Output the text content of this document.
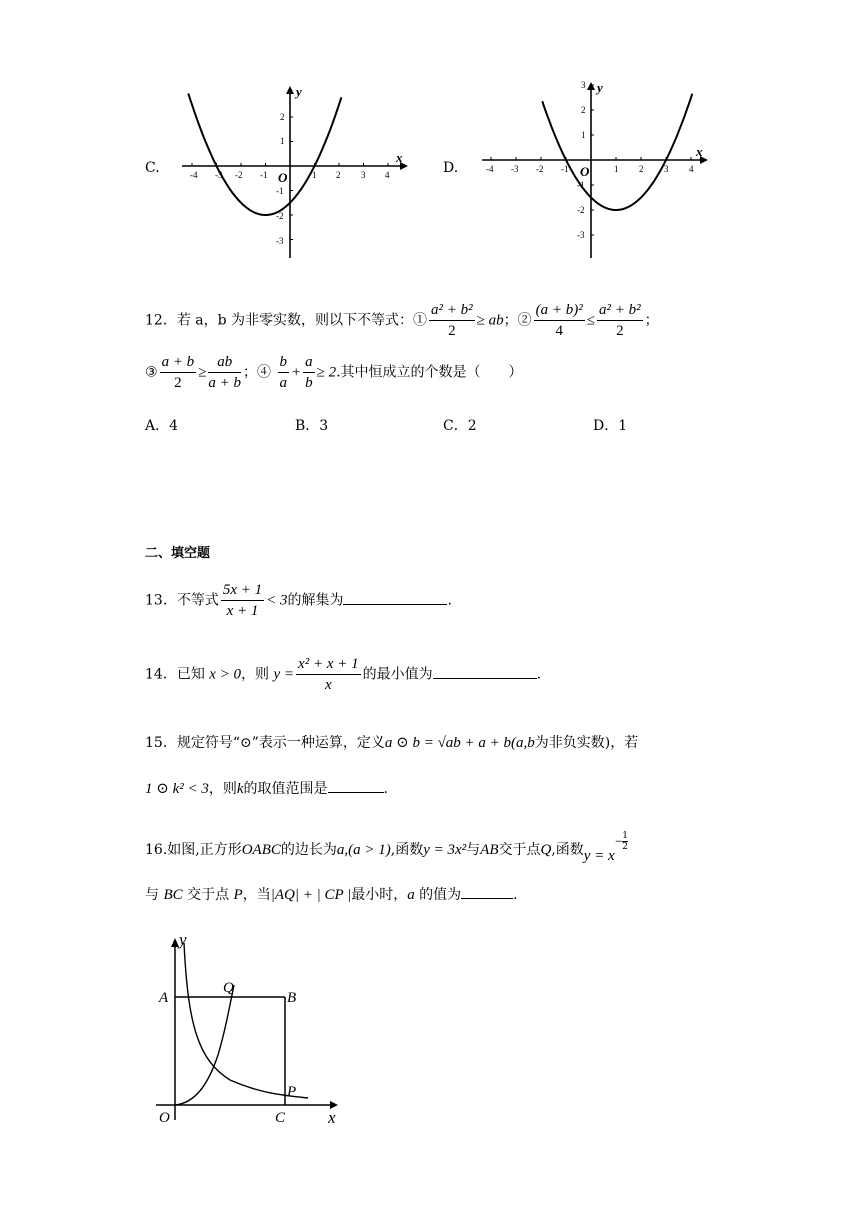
C.	-4 -3 -2 -1	1 2 3 4
2
1
-1
-2
-3
O
y
x
D.	-4 -3 -2 -1	1 2 3 4
3
2
1
-1
-2
-3
O
y
x
12．若 a，b 为非零实数，则以下不等式：① $\frac{\text{a² + b²}}{2}$ ≥ ab；② $\frac{\text{(a + b)²}}{4} \le \frac{\text{a² + b²}}{2}$ ；
③ $\frac{a + b}{2} \ge \frac{ab}{a + b}$ ；④ $\frac{b}{a} + \frac{a}{b} \ge 2$.其中恒成立的个数是（　　）
A．4	B．3	C．2	D．1
二、填空题
13．不等式 $\frac{5x + 1}{x + 1} < 3$的解集为	.
14．已知 x > 0，则 $y = \frac{\text{x² + x + 1}}{x}$ 的最小值为	.
15．规定符号“⊙”表示一种运算，定义a ⊙ b = √ab + a + b(a,b为非负实数)，若
1 ⊙ k² < 3，则k的取值范围是	.
16.如图,正方形OABC的边长为a,(a > 1),函数y = 3x²与AB交于点Q,函数$y = x- \frac{1}{2}$
与 BC 交于点 P，当|AQ| + | CP |最小时，a 的值为	.
y
x
O
A
Q
B
P
C
